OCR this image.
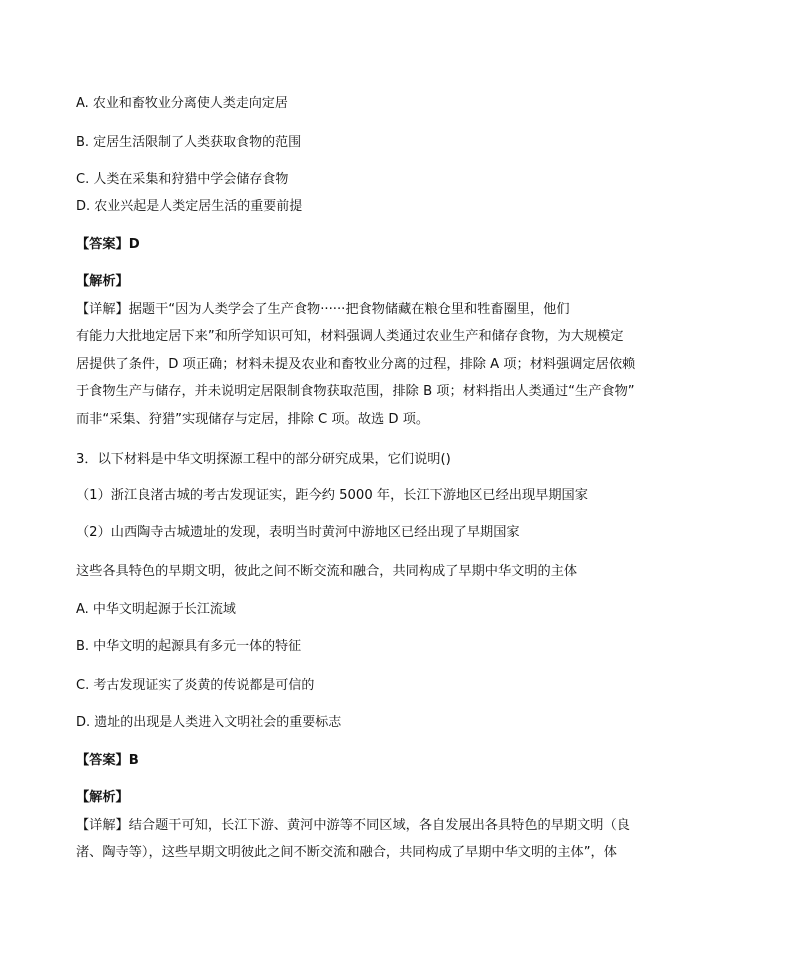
A. 农业和畜牧业分离使人类走向定居

B. 定居生活限制了人类获取食物的范围

C. 人类在采集和狩猎中学会储存食物

D. 农业兴起是人类定居生活的重要前提

【答案】D

【解析】

【详解】据题干“因为人类学会了生产食物······把食物储藏在粮仓里和牲畜圈里，他们

有能力大批地定居下来”和所学知识可知，材料强调人类通过农业生产和储存食物，为大规模定

居提供了条件，D 项正确；材料未提及农业和畜牧业分离的过程，排除 A 项；材料强调定居依赖

于食物生产与储存，并未说明定居限制食物获取范围，排除 B 项；材料指出人类通过“生产食物”

而非“采集、狩猎”实现储存与定居，排除 C 项。故选 D 项。

3．以下材料是中华文明探源工程中的部分研究成果，它们说明()

（1）浙江良渚古城的考古发现证实，距今约 5000 年，长江下游地区已经出现早期国家

（2）山西陶寺古城遗址的发现，表明当时黄河中游地区已经出现了早期国家

这些各具特色的早期文明，彼此之间不断交流和融合，共同构成了早期中华文明的主体

A. 中华文明起源于长江流域

B. 中华文明的起源具有多元一体的特征

C. 考古发现证实了炎黄的传说都是可信的

D. 遗址的出现是人类进入文明社会的重要标志

【答案】B

【解析】

【详解】结合题干可知，长江下游、黄河中游等不同区域，各自发展出各具特色的早期文明（良

渚、陶寺等），这些早期文明彼此之间不断交流和融合，共同构成了早期中华文明的主体”，体
